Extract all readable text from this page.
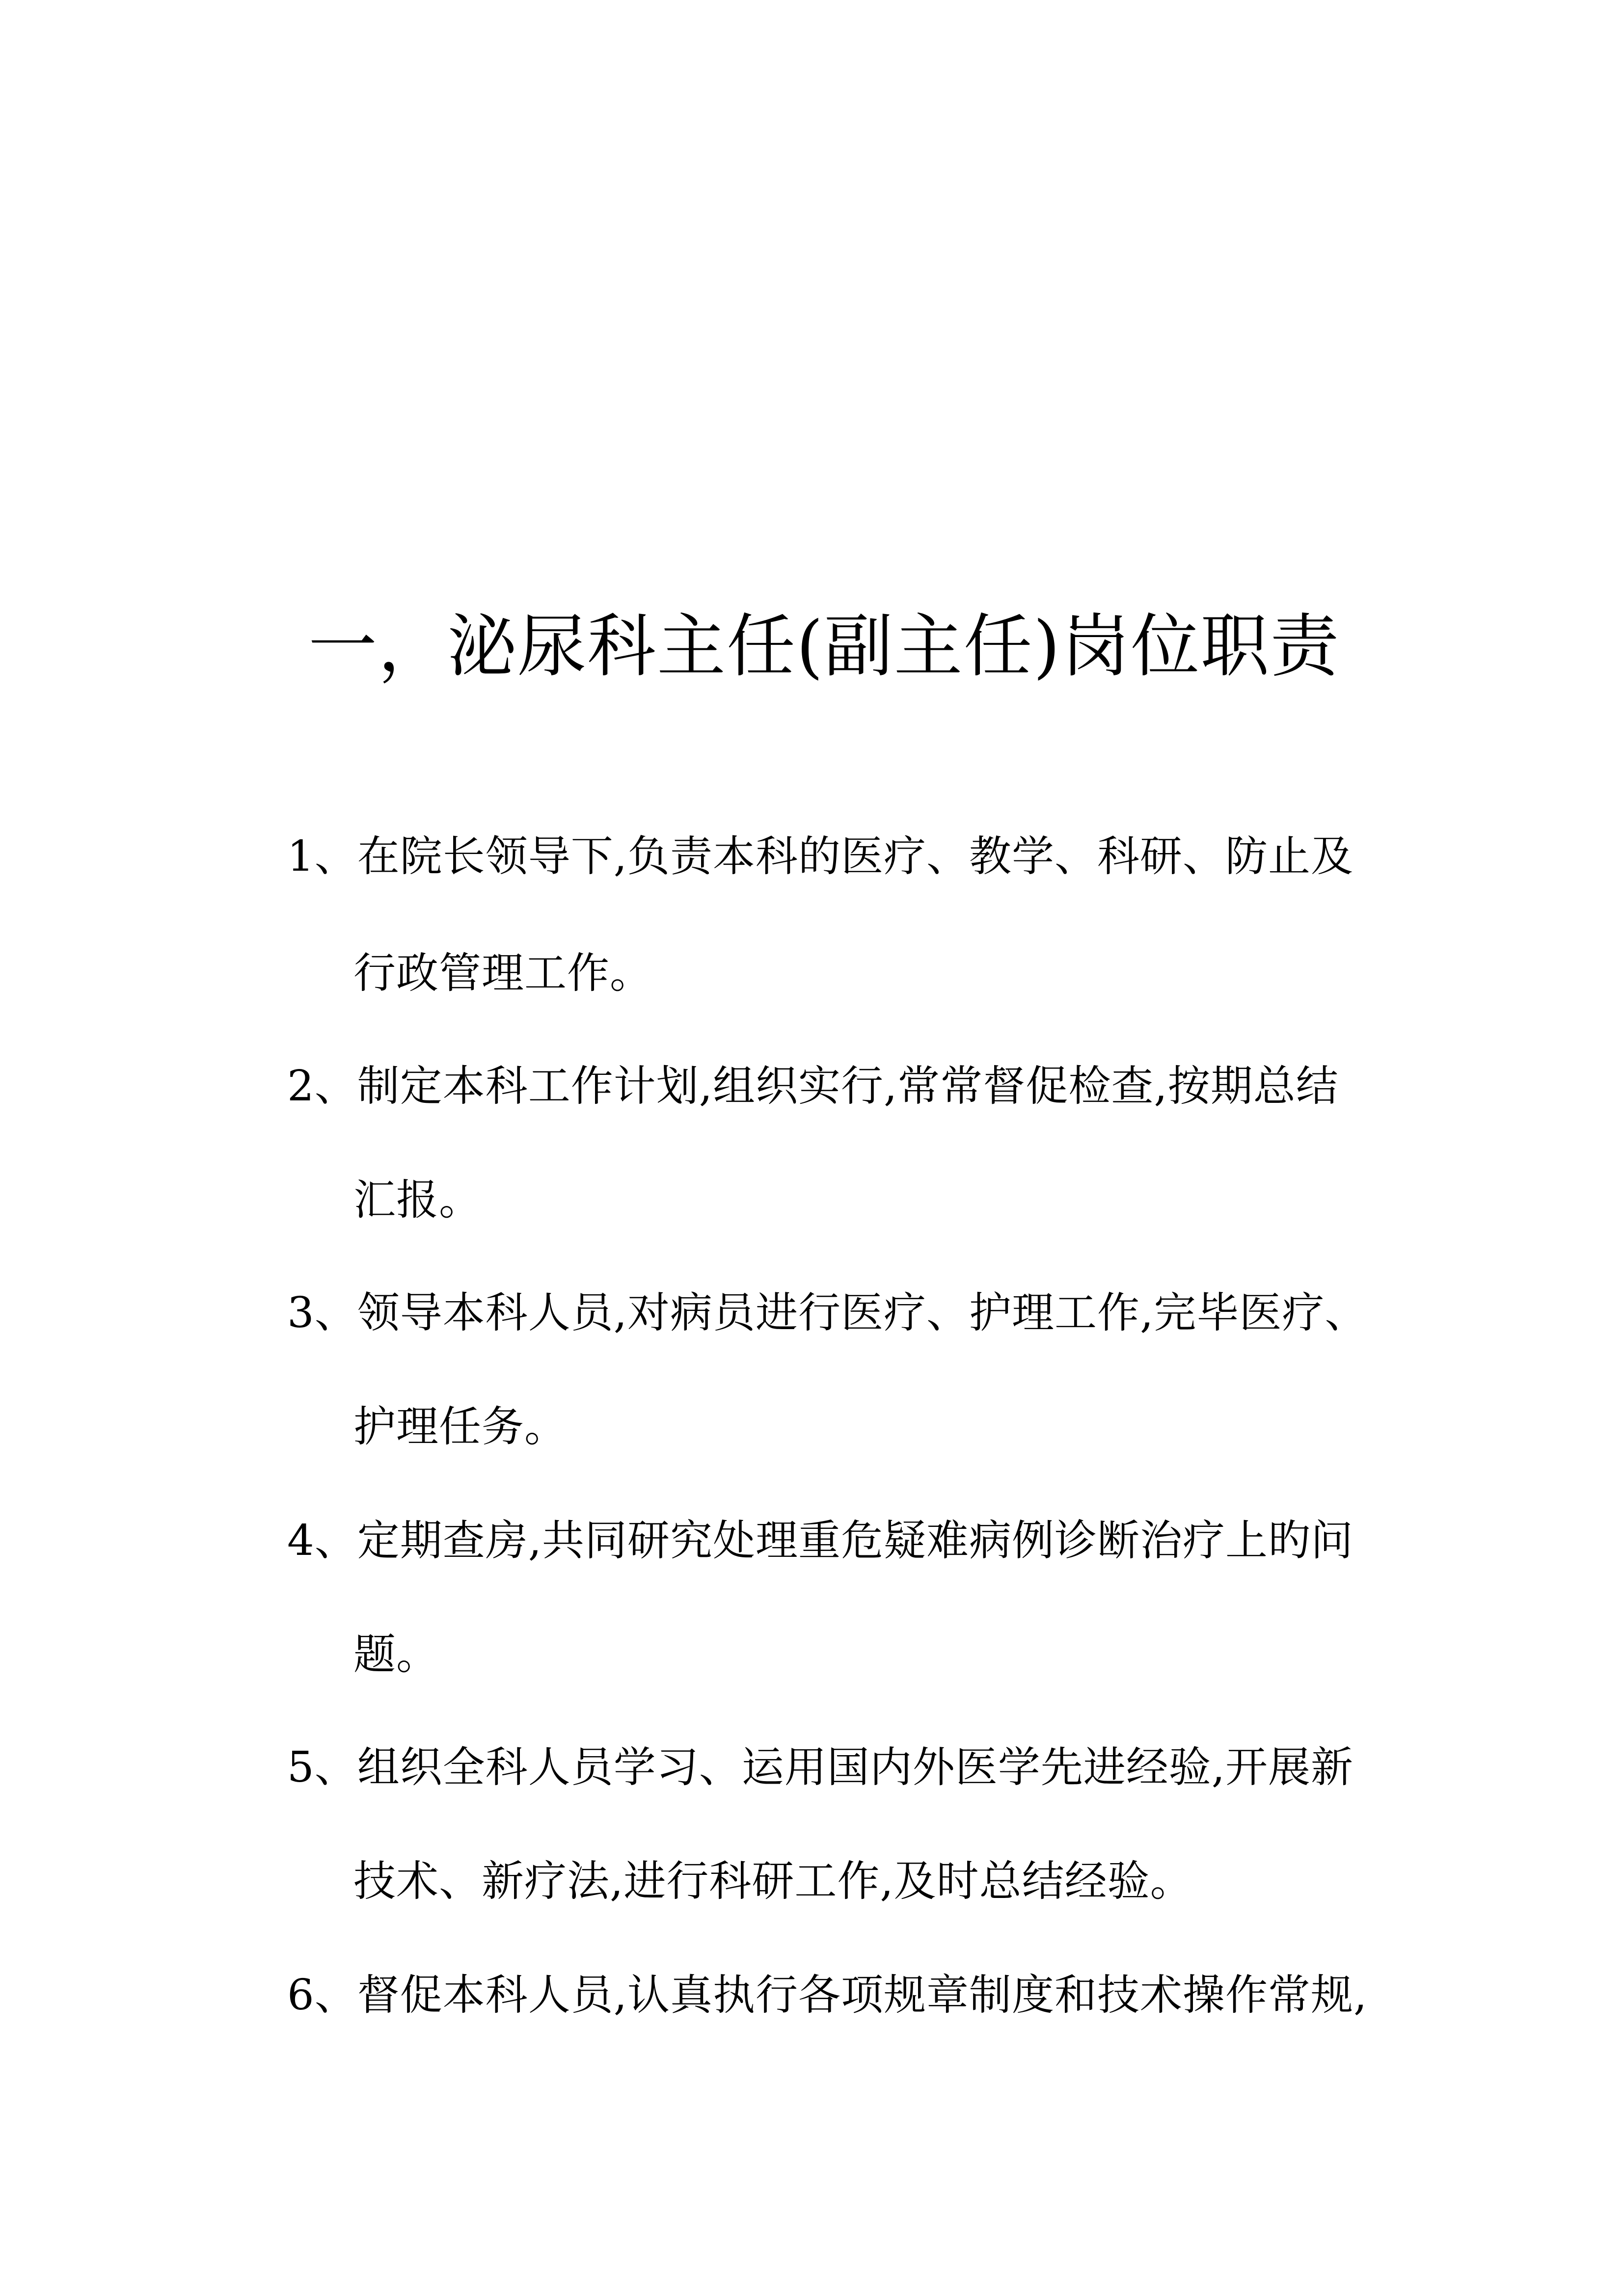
一，泌尿科主任(副主任)岗位职责

1、在院长领导下,负责本科的医疗、教学、科研、防止及

行政管理工作。

2、制定本科工作计划,组织实行,常常督促检查,按期总结

汇报。

3、领导本科人员,对病员进行医疗、护理工作,完毕医疗、

护理任务。

4、定期查房,共同研究处理重危疑难病例诊断治疗上旳问

题。

5、组织全科人员学习、运用国内外医学先进经验,开展新

技术、新疗法,进行科研工作,及时总结经验。

6、督促本科人员,认真执行各项规章制度和技术操作常规,
